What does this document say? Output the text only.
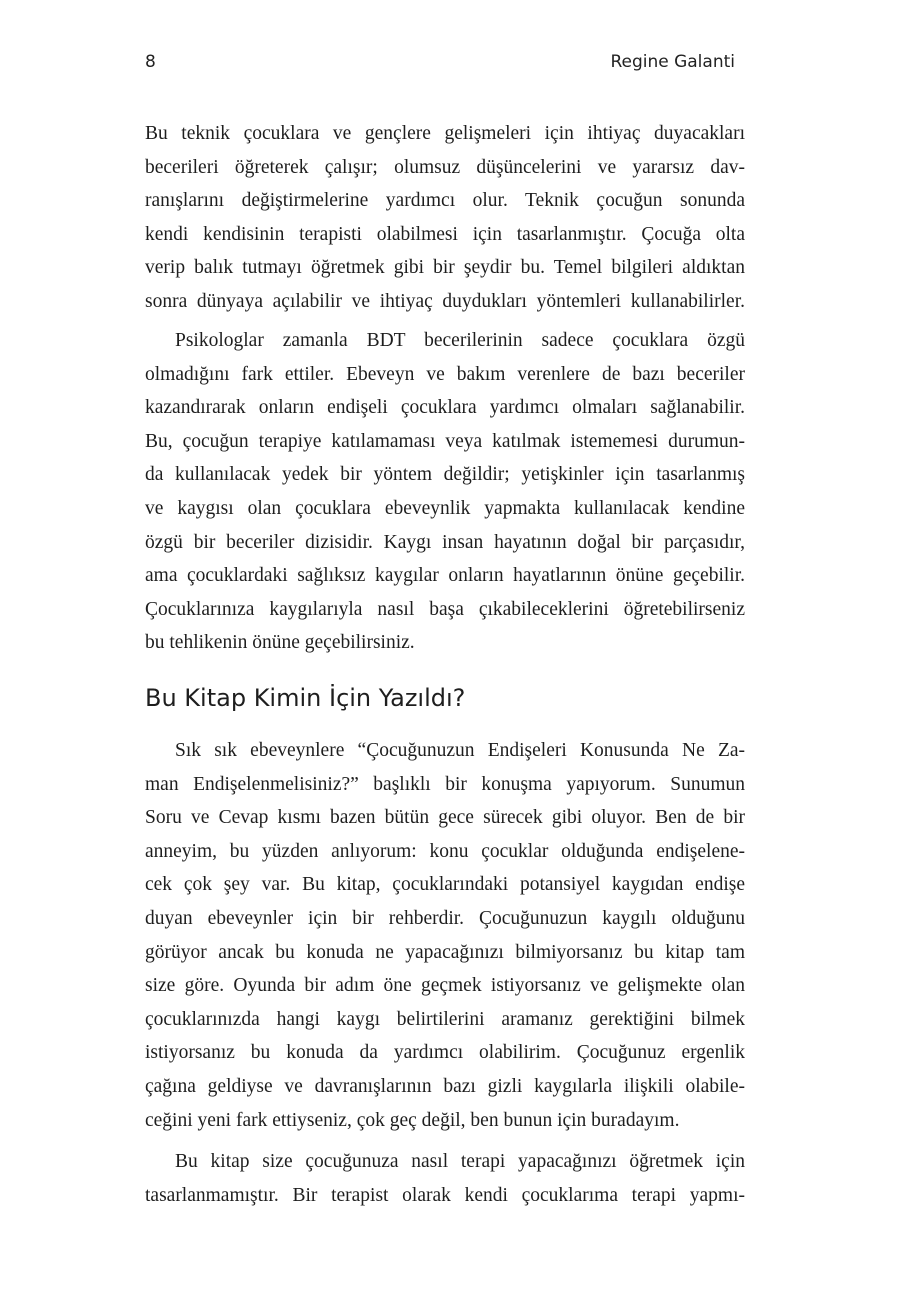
8	Regine Galanti
Bu teknik çocuklara ve gençlere gelişmeleri için ihtiyaç duyacakları
becerileri öğreterek çalışır; olumsuz düşüncelerini ve yararsız dav-
ranışlarını değiştirmelerine yardımcı olur. Teknik çocuğun sonunda
kendi kendisinin terapisti olabilmesi için tasarlanmıştır. Çocuğa olta
verip balık tutmayı öğretmek gibi bir şeydir bu. Temel bilgileri aldıktan
sonra dünyaya açılabilir ve ihtiyaç duydukları yöntemleri kullanabilirler.
Psikologlar zamanla BDT becerilerinin sadece çocuklara özgü
olmadığını fark ettiler. Ebeveyn ve bakım verenlere de bazı beceriler
kazandırarak onların endişeli çocuklara yardımcı olmaları sağlanabilir.
Bu, çocuğun terapiye katılamaması veya katılmak istememesi durumun-
da kullanılacak yedek bir yöntem değildir; yetişkinler için tasarlanmış
ve kaygısı olan çocuklara ebeveynlik yapmakta kullanılacak kendine
özgü bir beceriler dizisidir. Kaygı insan hayatının doğal bir parçasıdır,
ama çocuklardaki sağlıksız kaygılar onların hayatlarının önüne geçebilir.
Çocuklarınıza kaygılarıyla nasıl başa çıkabileceklerini öğretebilirseniz
bu tehlikenin önüne geçebilirsiniz.
Bu Kitap Kimin İçin Yazıldı?
Sık sık ebeveynlere “Çocuğunuzun Endişeleri Konusunda Ne Za-
man Endişelenmelisiniz?” başlıklı bir konuşma yapıyorum. Sunumun
Soru ve Cevap kısmı bazen bütün gece sürecek gibi oluyor. Ben de bir
anneyim, bu yüzden anlıyorum: konu çocuklar olduğunda endişelene-
cek çok şey var. Bu kitap, çocuklarındaki potansiyel kaygıdan endişe
duyan ebeveynler için bir rehberdir. Çocuğunuzun kaygılı olduğunu
görüyor ancak bu konuda ne yapacağınızı bilmiyorsanız bu kitap tam
size göre. Oyunda bir adım öne geçmek istiyorsanız ve gelişmekte olan
çocuklarınızda hangi kaygı belirtilerini aramanız gerektiğini bilmek
istiyorsanız bu konuda da yardımcı olabilirim. Çocuğunuz ergenlik
çağına geldiyse ve davranışlarının bazı gizli kaygılarla ilişkili olabile-
ceğini yeni fark ettiyseniz, çok geç değil, ben bunun için buradayım.
Bu kitap size çocuğunuza nasıl terapi yapacağınızı öğretmek için
tasarlanmamıştır. Bir terapist olarak kendi çocuklarıma terapi yapmı-
